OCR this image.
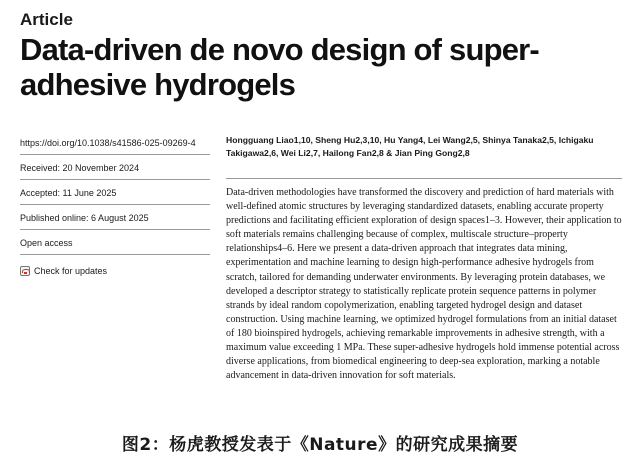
Article
Data-driven de novo design of super-adhesive hydrogels
https://doi.org/10.1038/s41586-025-09269-4
Received: 20 November 2024
Accepted: 11 June 2025
Published online: 6 August 2025
Open access
Check for updates
Hongguang Liao1,10, Sheng Hu2,3,10, Hu Yang4, Lei Wang2,5, Shinya Tanaka2,5, Ichigaku Takigawa2,6, Wei Li2,7, Hailong Fan2,8 & Jian Ping Gong2,8

Data-driven methodologies have transformed the discovery and prediction of hard materials with well-defined atomic structures by leveraging standardized datasets, enabling accurate property predictions and facilitating efficient exploration of design spaces1–3. However, their application to soft materials remains challenging because of complex, multiscale structure–property relationships4–6. Here we present a data-driven approach that integrates data mining, experimentation and machine learning to design high-performance adhesive hydrogels from scratch, tailored for demanding underwater environments. By leveraging protein databases, we developed a descriptor strategy to statistically replicate protein sequence patterns in polymer strands by ideal random copolymerization, enabling targeted hydrogel design and dataset construction. Using machine learning, we optimized hydrogel formulations from an initial dataset of 180 bioinspired hydrogels, achieving remarkable improvements in adhesive strength, with a maximum value exceeding 1 MPa. These super-adhesive hydrogels hold immense potential across diverse applications, from biomedical engineering to deep-sea exploration, marking a notable advancement in data-driven innovation for soft materials.

图2：杨虎教授发表于《Nature》的研究成果摘要
